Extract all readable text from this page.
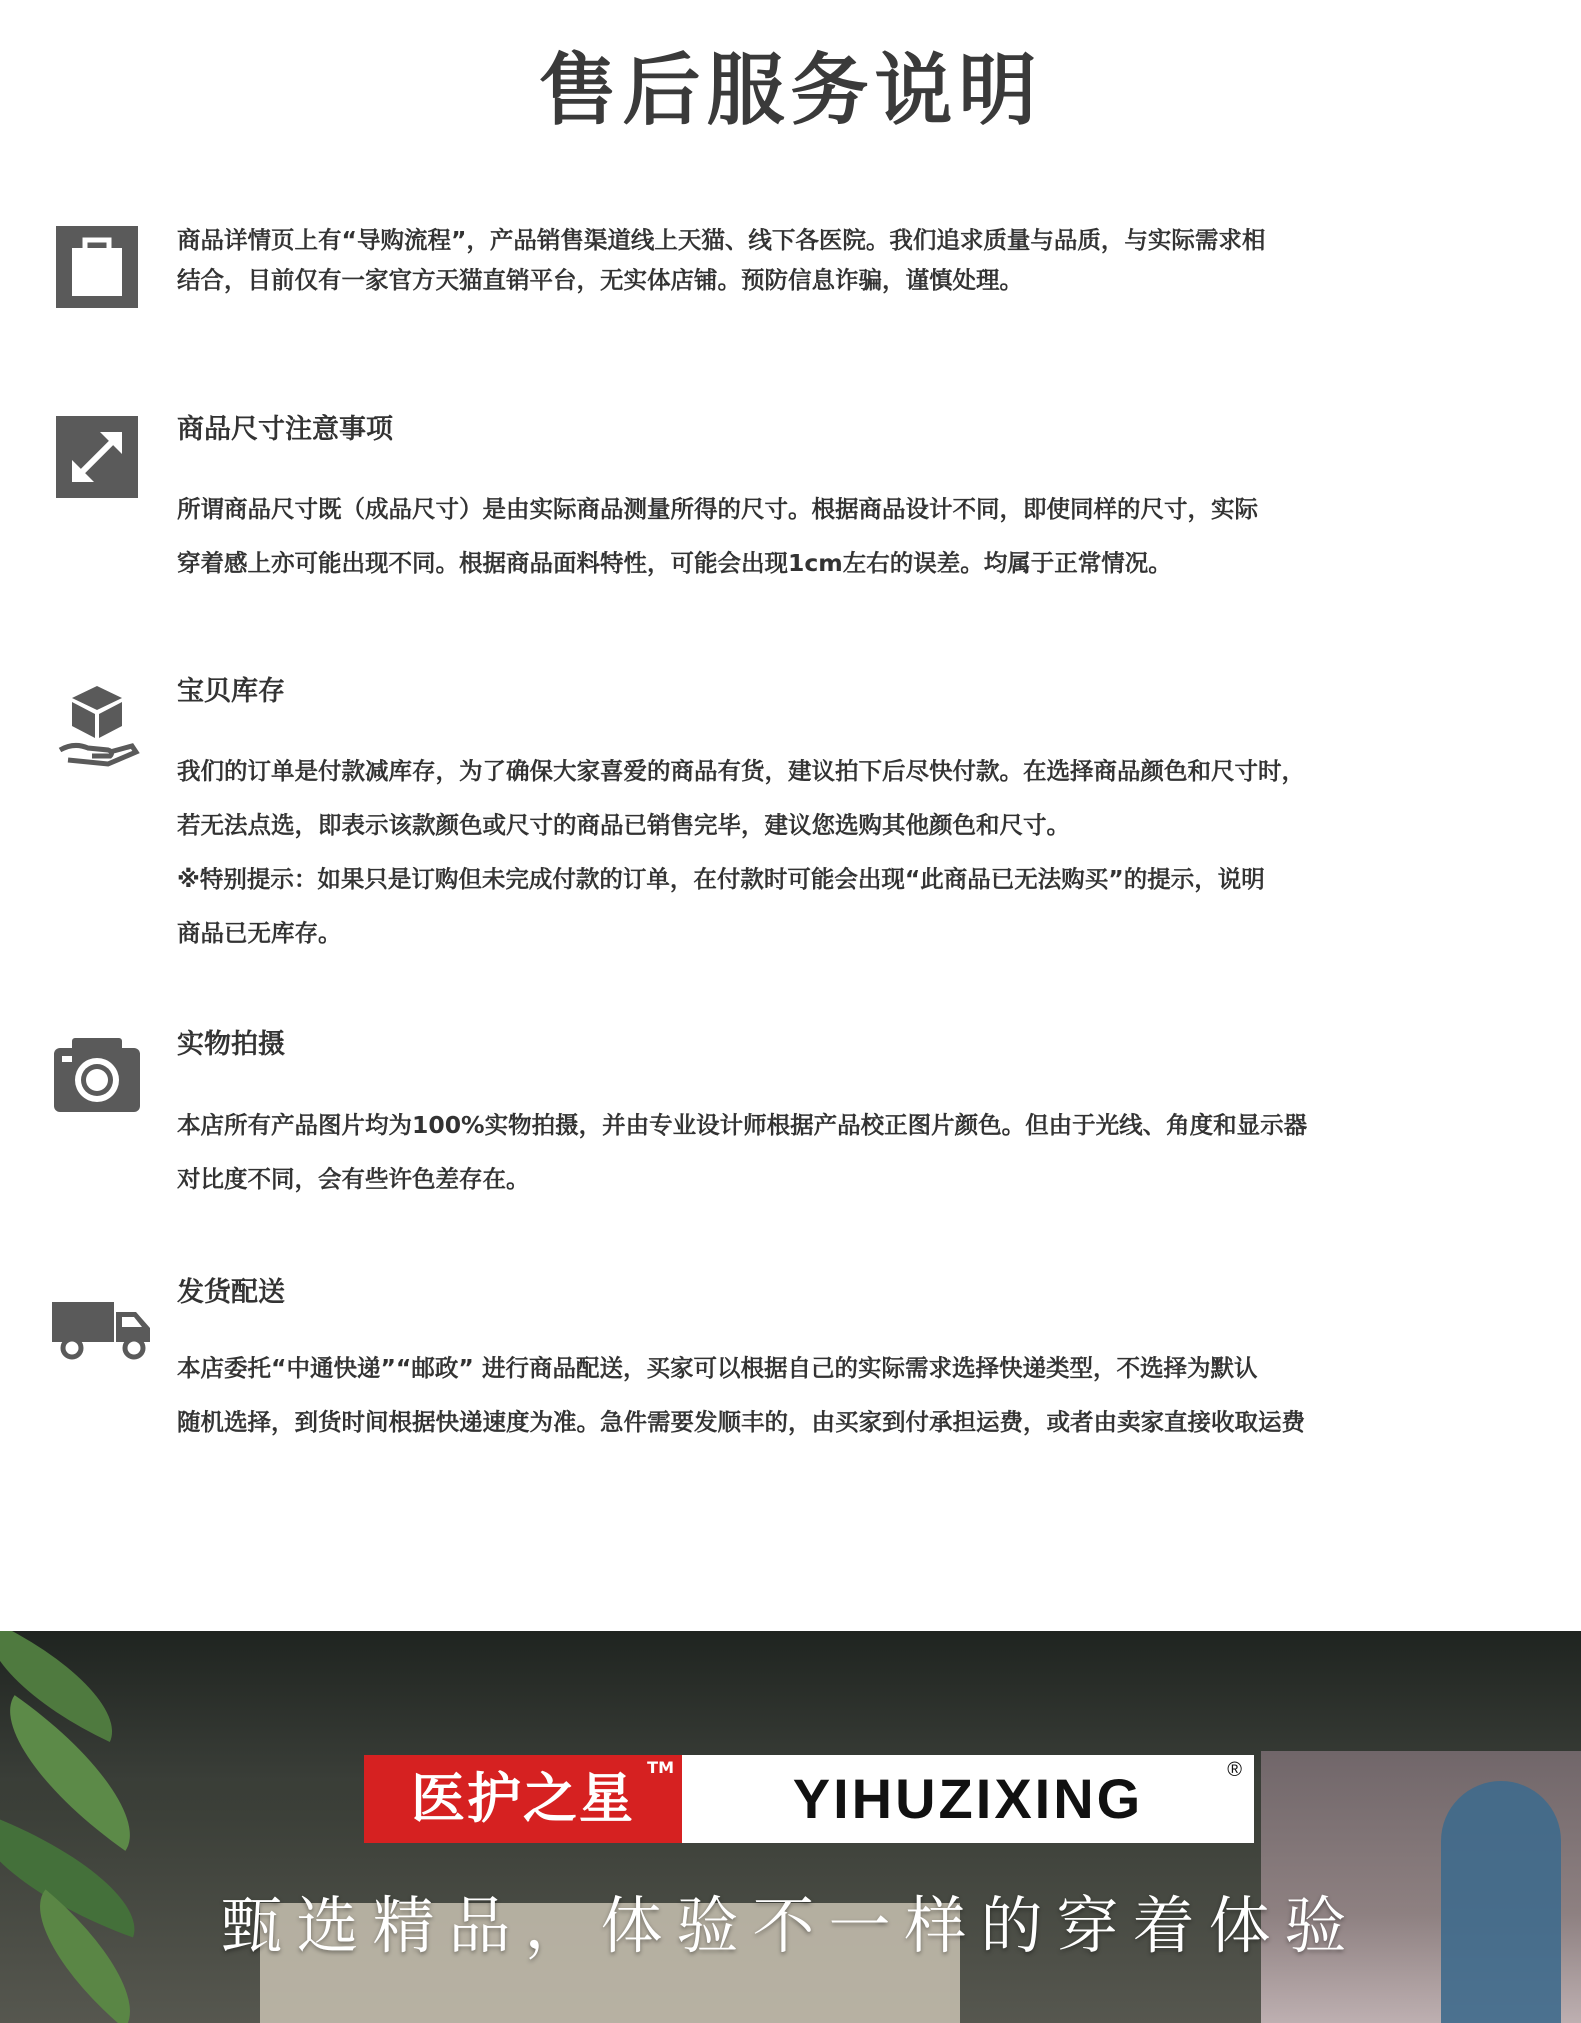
售后服务说明
商品详情页上有“导购流程”，产品销售渠道线上天猫、线下各医院。我们追求质量与品质，与实际需求相
结合，目前仅有一家官方天猫直销平台，无实体店铺。预防信息诈骗，谨慎处理。
商品尺寸注意事项
所谓商品尺寸既（成品尺寸）是由实际商品测量所得的尺寸。根据商品设计不同，即使同样的尺寸，实际
穿着感上亦可能出现不同。根据商品面料特性，可能会出现1cm左右的误差。均属于正常情况。
宝贝库存
我们的订单是付款减库存，为了确保大家喜爱的商品有货，建议拍下后尽快付款。在选择商品颜色和尺寸时，
若无法点选，即表示该款颜色或尺寸的商品已销售完毕，建议您选购其他颜色和尺寸。
※特别提示：如果只是订购但未完成付款的订单，在付款时可能会出现“此商品已无法购买”的提示，说明
商品已无库存。
实物拍摄
本店所有产品图片均为100%实物拍摄，并由专业设计师根据产品校正图片颜色。但由于光线、角度和显示器
对比度不同，会有些许色差存在。
发货配送
本店委托“中通快递”“邮政” 进行商品配送，买家可以根据自己的实际需求选择快递类型，不选择为默认
随机选择，到货时间根据快递速度为准。急件需要发顺丰的，由买家到付承担运费，或者由卖家直接收取运费
医护之星 TM	YIHUZIXING	®
甄选精品，体验不一样的穿着体验
